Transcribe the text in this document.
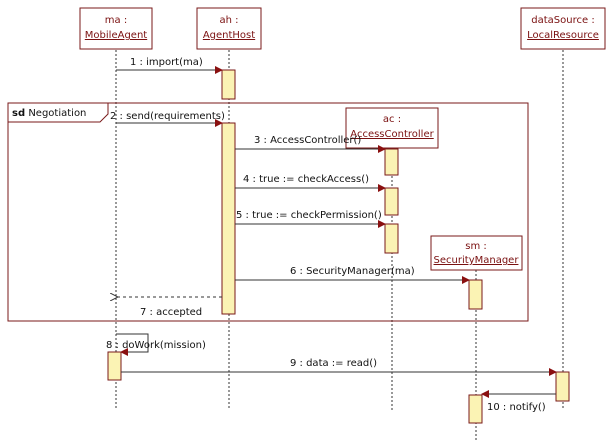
ma :
MobileAgent
ah :
AgentHost
ac :
AccessController
sm :
SecurityManager
dataSource :
LocalResource
sd Negotiation
1 : import(ma)
2 : send(requirements)
3 : AccessController()
4 : true := checkAccess()
5 : true := checkPermission()
6 : SecurityManager(ma)
7 : accepted
8 : doWork(mission)
9 : data := read()
10 : notify()
